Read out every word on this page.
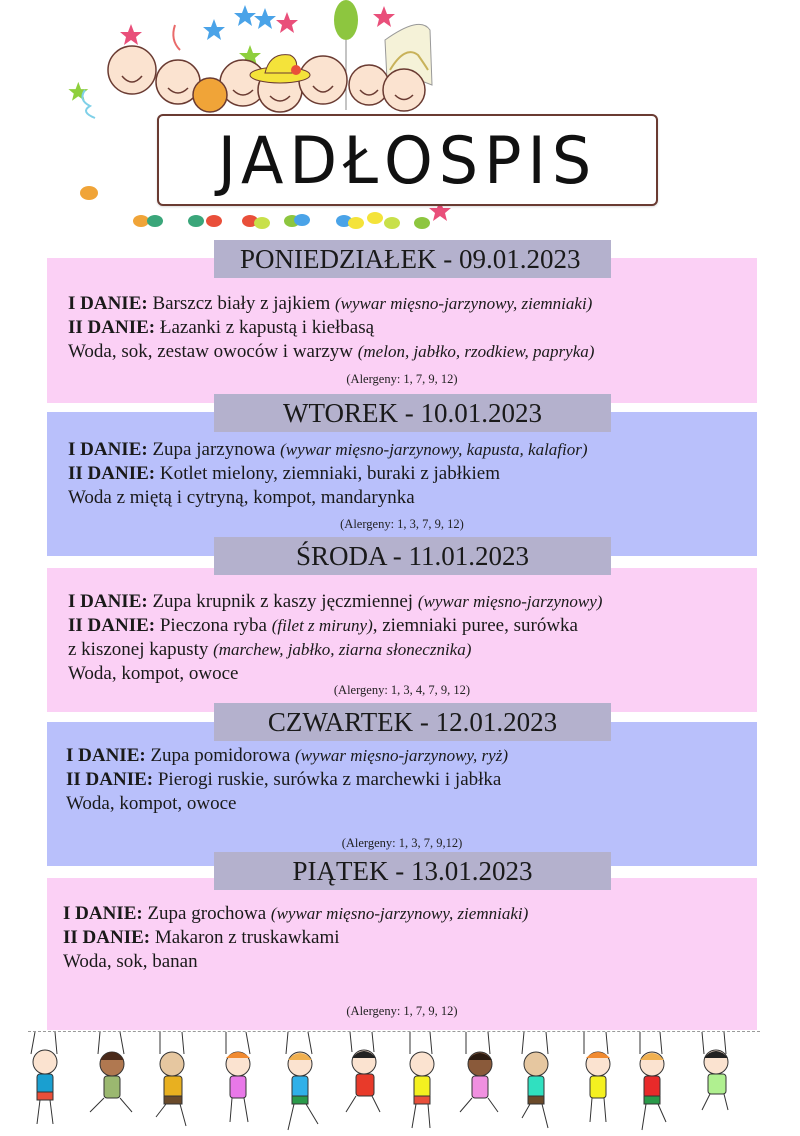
JADŁOSPIS
I DANIE: Barszcz biały z jajkiem (wywar mięsno-jarzynowy, ziemniaki)
II DANIE: Łazanki z kapustą i kiełbasą
Woda, sok, zestaw owoców i warzyw (melon, jabłko, rzodkiew, papryka)
(Alergeny: 1, 7, 9, 12)
PONIEDZIAŁEK - 09.01.2023
I DANIE: Zupa jarzynowa (wywar mięsno-jarzynowy, kapusta, kalafior)
II DANIE: Kotlet mielony, ziemniaki, buraki z jabłkiem
Woda z miętą i cytryną, kompot, mandarynka
(Alergeny: 1, 3, 7, 9, 12)
WTOREK - 10.01.2023
I DANIE: Zupa krupnik z kaszy jęczmiennej (wywar mięsno-jarzynowy)
II DANIE: Pieczona ryba (filet z miruny), ziemniaki puree, surówka
z kiszonej kapusty (marchew, jabłko, ziarna słonecznika)
Woda, kompot, owoce
(Alergeny: 1, 3, 4, 7, 9, 12)
ŚRODA - 11.01.2023
I DANIE: Zupa pomidorowa (wywar mięsno-jarzynowy, ryż)
II DANIE: Pierogi ruskie, surówka z marchewki i jabłka
Woda, kompot, owoce
(Alergeny: 1, 3, 7, 9,12)
CZWARTEK - 12.01.2023
I DANIE: Zupa grochowa (wywar mięsno-jarzynowy, ziemniaki)
II DANIE: Makaron z truskawkami
Woda, sok, banan
(Alergeny: 1, 7, 9, 12)
PIĄTEK - 13.01.2023
